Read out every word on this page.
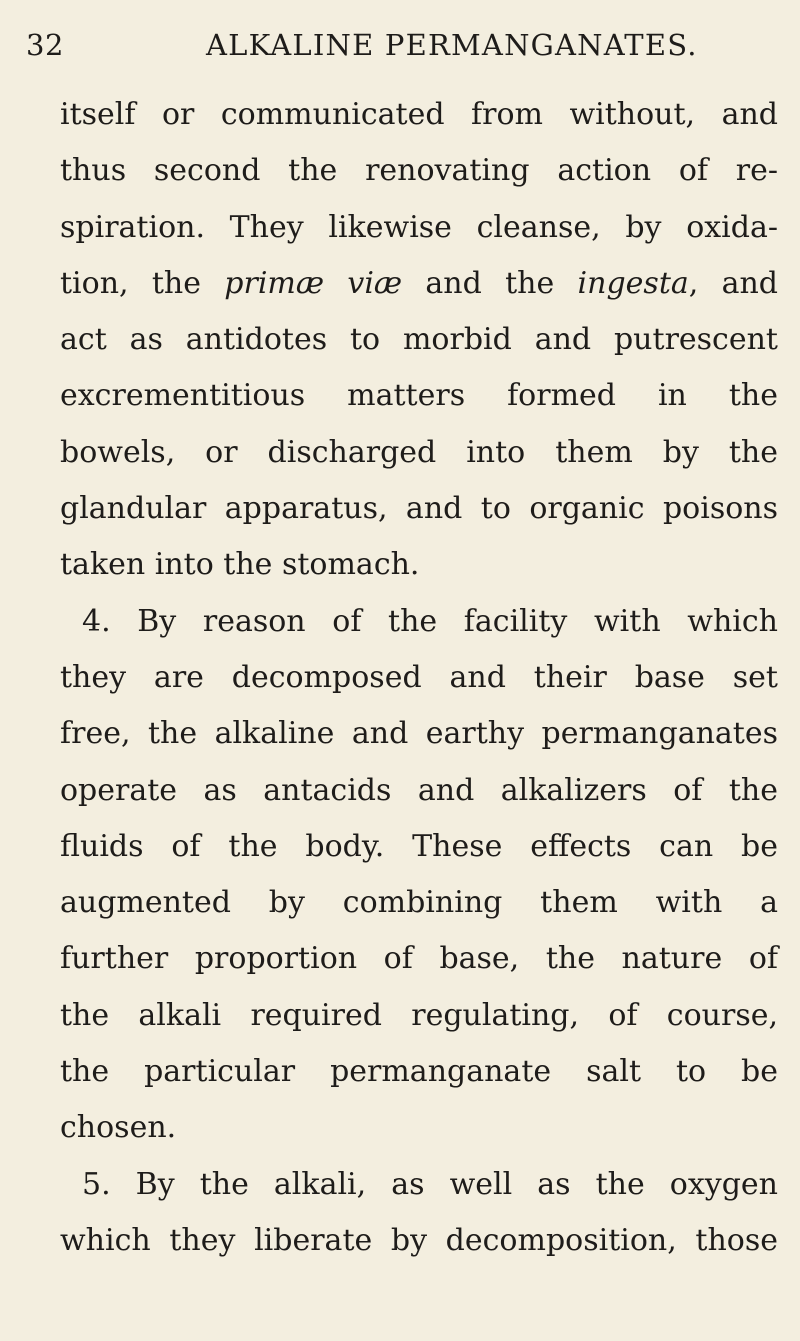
32	ALKALINE PERMANGANATES.
itself or communicated from without, and
thus second the renovating action of re-
spiration. They likewise cleanse, by oxida-
tion, the primæ viæ and the ingesta, and
act as antidotes to morbid and putrescent
excrementitious matters formed in the
bowels, or discharged into them by the
glandular apparatus, and to organic poisons
taken into the stomach.
4. By reason of the facility with which
they are decomposed and their base set
free, the alkaline and earthy permanganates
operate as antacids and alkalizers of the
fluids of the body. These effects can be
augmented by combining them with a
further proportion of base, the nature of
the alkali required regulating, of course,
the particular permanganate salt to be
chosen.
5. By the alkali, as well as the oxygen
which they liberate by decomposition, those
